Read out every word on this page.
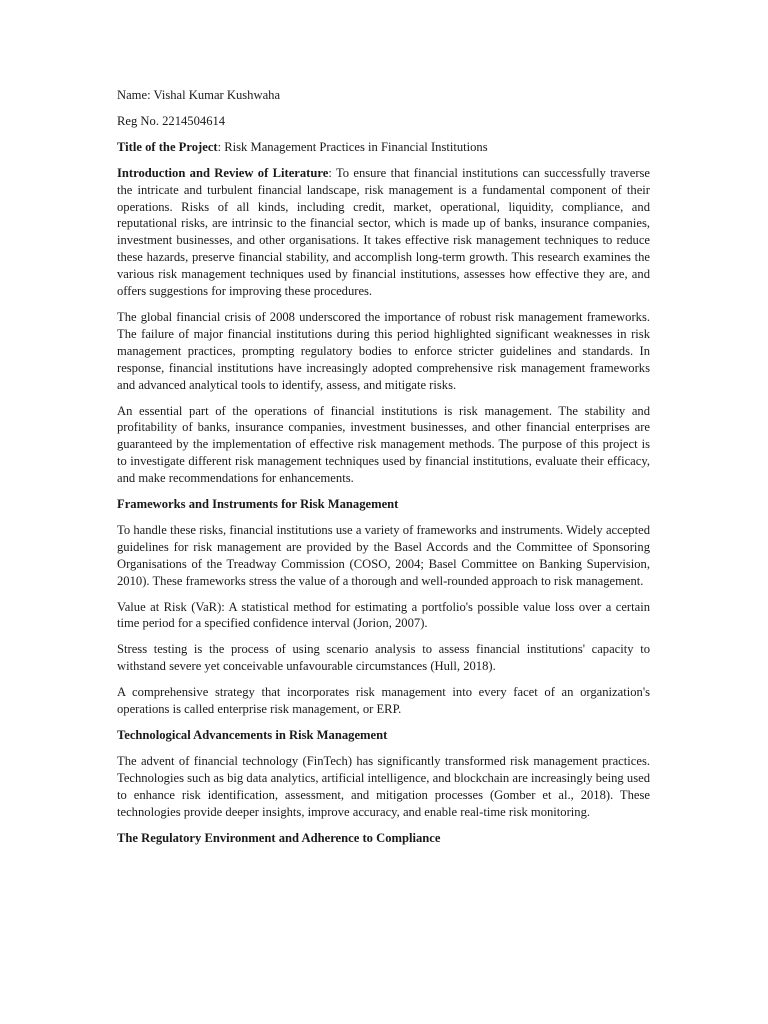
Name: Vishal Kumar Kushwaha

Reg No. 2214504614

Title of the Project: Risk Management Practices in Financial Institutions

Introduction and Review of Literature: To ensure that financial institutions can successfully traverse the intricate and turbulent financial landscape, risk management is a fundamental component of their operations. Risks of all kinds, including credit, market, operational, liquidity, compliance, and reputational risks, are intrinsic to the financial sector, which is made up of banks, insurance companies, investment businesses, and other organisations. It takes effective risk management techniques to reduce these hazards, preserve financial stability, and accomplish long-term growth. This research examines the various risk management techniques used by financial institutions, assesses how effective they are, and offers suggestions for improving these procedures.

The global financial crisis of 2008 underscored the importance of robust risk management frameworks. The failure of major financial institutions during this period highlighted significant weaknesses in risk management practices, prompting regulatory bodies to enforce stricter guidelines and standards. In response, financial institutions have increasingly adopted comprehensive risk management frameworks and advanced analytical tools to identify, assess, and mitigate risks.

An essential part of the operations of financial institutions is risk management. The stability and profitability of banks, insurance companies, investment businesses, and other financial enterprises are guaranteed by the implementation of effective risk management methods. The purpose of this project is to investigate different risk management techniques used by financial institutions, evaluate their efficacy, and make recommendations for enhancements.

Frameworks and Instruments for Risk Management

To handle these risks, financial institutions use a variety of frameworks and instruments. Widely accepted guidelines for risk management are provided by the Basel Accords and the Committee of Sponsoring Organisations of the Treadway Commission (COSO, 2004; Basel Committee on Banking Supervision, 2010). These frameworks stress the value of a thorough and well-rounded approach to risk management.

Value at Risk (VaR): A statistical method for estimating a portfolio's possible value loss over a certain time period for a specified confidence interval (Jorion, 2007).

Stress testing is the process of using scenario analysis to assess financial institutions' capacity to withstand severe yet conceivable unfavourable circumstances (Hull, 2018).

A comprehensive strategy that incorporates risk management into every facet of an organization's operations is called enterprise risk management, or ERP.

Technological Advancements in Risk Management

The advent of financial technology (FinTech) has significantly transformed risk management practices. Technologies such as big data analytics, artificial intelligence, and blockchain are increasingly being used to enhance risk identification, assessment, and mitigation processes (Gomber et al., 2018). These technologies provide deeper insights, improve accuracy, and enable real-time risk monitoring.

The Regulatory Environment and Adherence to Compliance
